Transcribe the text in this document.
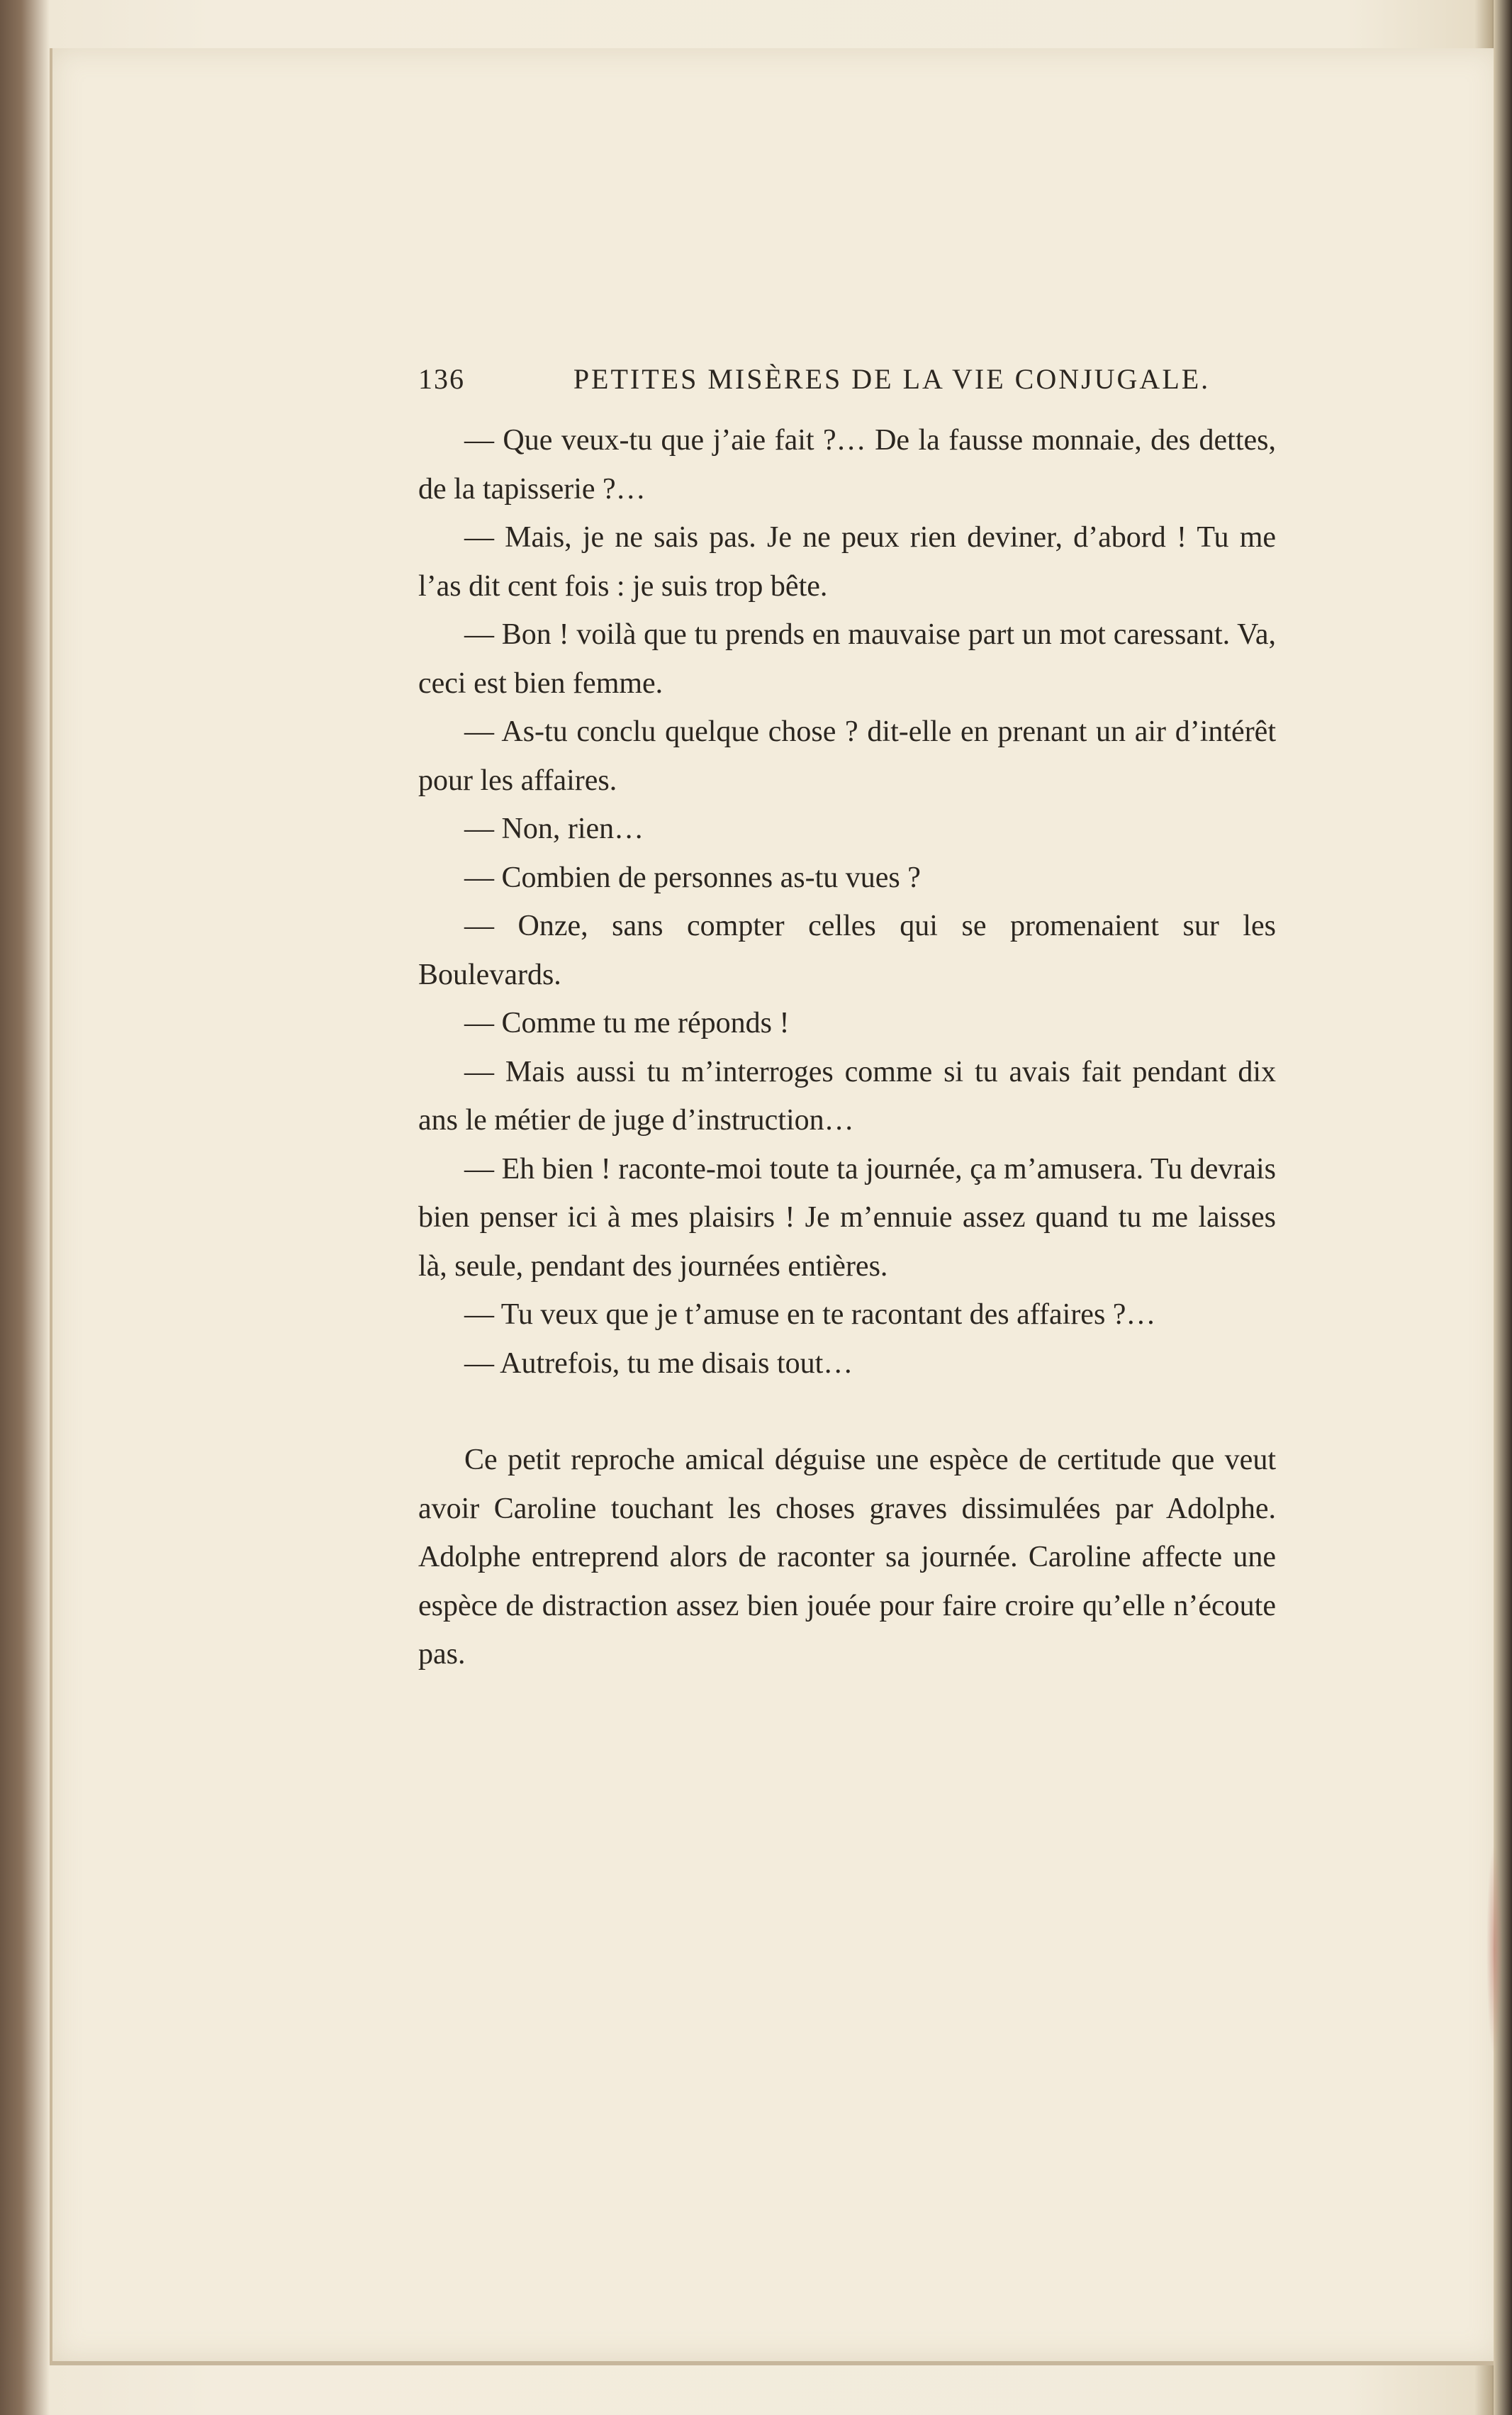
136	PETITES MISÈRES DE LA VIE CONJUGALE.

— Que veux-tu que j’aie fait ?… De la fausse monnaie, des dettes, de la tapisserie ?…

— Mais, je ne sais pas. Je ne peux rien deviner, d’abord ! Tu me l’as dit cent fois : je suis trop bête.

— Bon ! voilà que tu prends en mauvaise part un mot caressant. Va, ceci est bien femme.

— As-tu conclu quelque chose ? dit-elle en prenant un air d’intérêt pour les affaires.

— Non, rien…

— Combien de personnes as-tu vues ?

— Onze, sans compter celles qui se promenaient sur les Boulevards.

— Comme tu me réponds !

— Mais aussi tu m’interroges comme si tu avais fait pendant dix ans le métier de juge d’instruction…

— Eh bien ! raconte-moi toute ta journée, ça m’amusera. Tu devrais bien penser ici à mes plaisirs ! Je m’ennuie assez quand tu me laisses là, seule, pendant des journées entières.

— Tu veux que je t’amuse en te racontant des affaires ?…

— Autrefois, tu me disais tout…

Ce petit reproche amical déguise une espèce de certitude que veut avoir Caroline touchant les choses graves dissimulées par Adolphe. Adolphe entreprend alors de raconter sa journée. Caroline affecte une espèce de distraction assez bien jouée pour faire croire qu’elle n’écoute pas.
